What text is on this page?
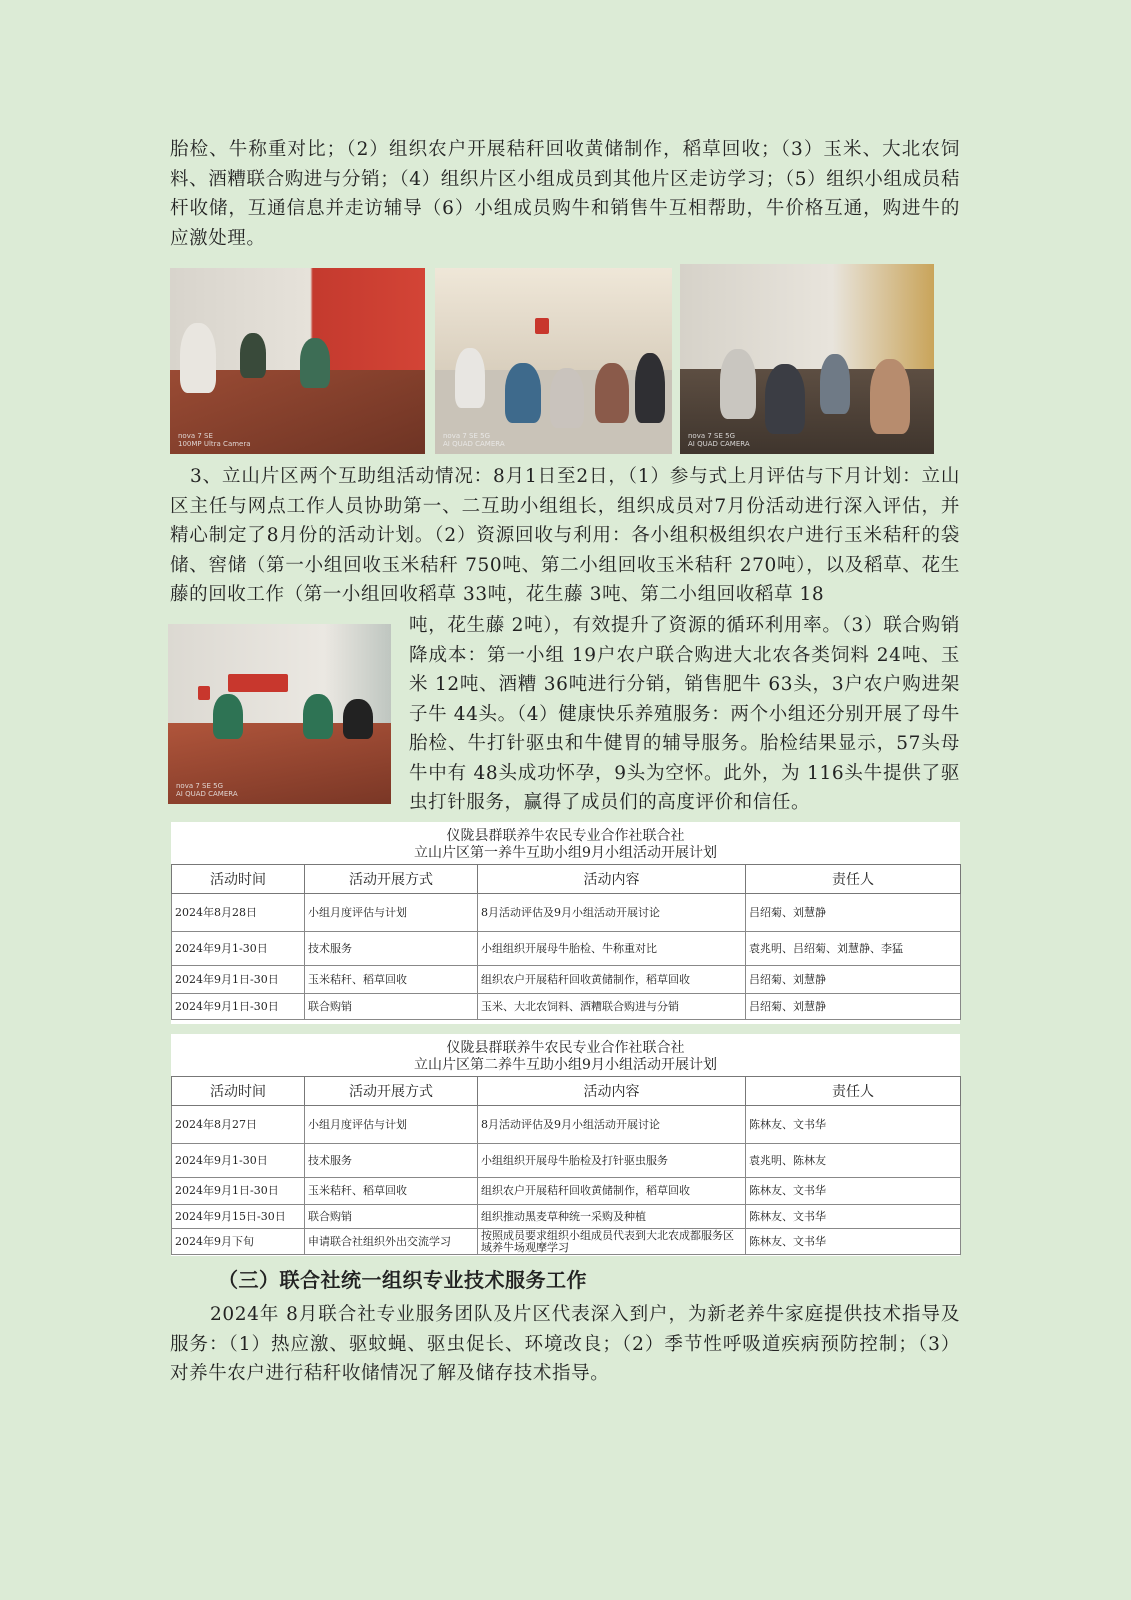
胎检、牛称重对比；（2）组织农户开展秸秆回收黄储制作，稻草回收；（3）玉米、大北农饲料、酒糟联合购进与分销；（4）组织片区小组成员到其他片区走访学习；（5）组织小组成员秸杆收储，互通信息并走访辅导（6）小组成员购牛和销售牛互相帮助，牛价格互通，购进牛的应激处理。

nova 7 SE
100MP Ultra Camera
nova 7 SE 5G
AI QUAD CAMERA
nova 7 SE 5G
AI QUAD CAMERA

3、立山片区两个互助组活动情况：8月1日至2日，（1）参与式上月评估与下月计划：立山区主任与网点工作人员协助第一、二互助小组组长，组织成员对7月份活动进行深入评估，并精心制定了8月份的活动计划。（2）资源回收与利用：各小组积极组织农户进行玉米秸秆的袋储、窖储（第一小组回收玉米秸秆 750吨、第二小组回收玉米秸秆 270吨），以及稻草、花生藤的回收工作（第一小组回收稻草 33吨，花生藤 3吨、第二小组回收稻草 18

nova 7 SE 5G
AI QUAD CAMERA

吨，花生藤 2吨），有效提升了资源的循环利用率。（3）联合购销降成本：第一小组 19户农户联合购进大北农各类饲料 24吨、玉米 12吨、酒糟 36吨进行分销，销售肥牛 63头，3户农户购进架子牛 44头。（4）健康快乐养殖服务：两个小组还分别开展了母牛胎检、牛打针驱虫和牛健胃的辅导服务。胎检结果显示，57头母牛中有 48头成功怀孕，9头为空怀。此外，为 116头牛提供了驱虫打针服务，赢得了成员们的高度评价和信任。

仪陇县群联养牛农民专业合作社联合社
立山片区第一养牛互助小组9月小组活动开展计划
活动时间	活动开展方式	活动内容	责任人
2024年8月28日	小组月度评估与计划	8月活动评估及9月小组活动开展讨论	吕绍菊、刘慧静
2024年9月1-30日	技术服务	小组组织开展母牛胎检、牛称重对比	袁兆明、吕绍菊、刘慧静、李猛
2024年9月1日-30日	玉米秸秆、稻草回收	组织农户开展秸秆回收黄储制作，稻草回收	吕绍菊、刘慧静
2024年9月1日-30日	联合购销	玉米、大北农饲料、酒糟联合购进与分销	吕绍菊、刘慧静
仪陇县群联养牛农民专业合作社联合社
立山片区第二养牛互助小组9月小组活动开展计划
活动时间	活动开展方式	活动内容	责任人
2024年8月27日	小组月度评估与计划	8月活动评估及9月小组活动开展讨论	陈林友、文书华
2024年9月1-30日	技术服务	小组组织开展母牛胎检及打针驱虫服务	袁兆明、陈林友
2024年9月1日-30日	玉米秸秆、稻草回收	组织农户开展秸秆回收黄储制作，稻草回收	陈林友、文书华
2024年9月15日-30日	联合购销	组织推动黑麦草种统一采购及种植	陈林友、文书华
2024年9月下旬	申请联合社组织外出交流学习	按照成员要求组织小组成员代表到大北农成都服务区域养牛场观摩学习	陈林友、文书华
（三）联合社统一组织专业技术服务工作

2024年 8月联合社专业服务团队及片区代表深入到户，为新老养牛家庭提供技术指导及服务：（1）热应激、驱蚊蝇、驱虫促长、环境改良；（2）季节性呼吸道疾病预防控制；（3）对养牛农户进行秸秆收储情况了解及储存技术指导。
